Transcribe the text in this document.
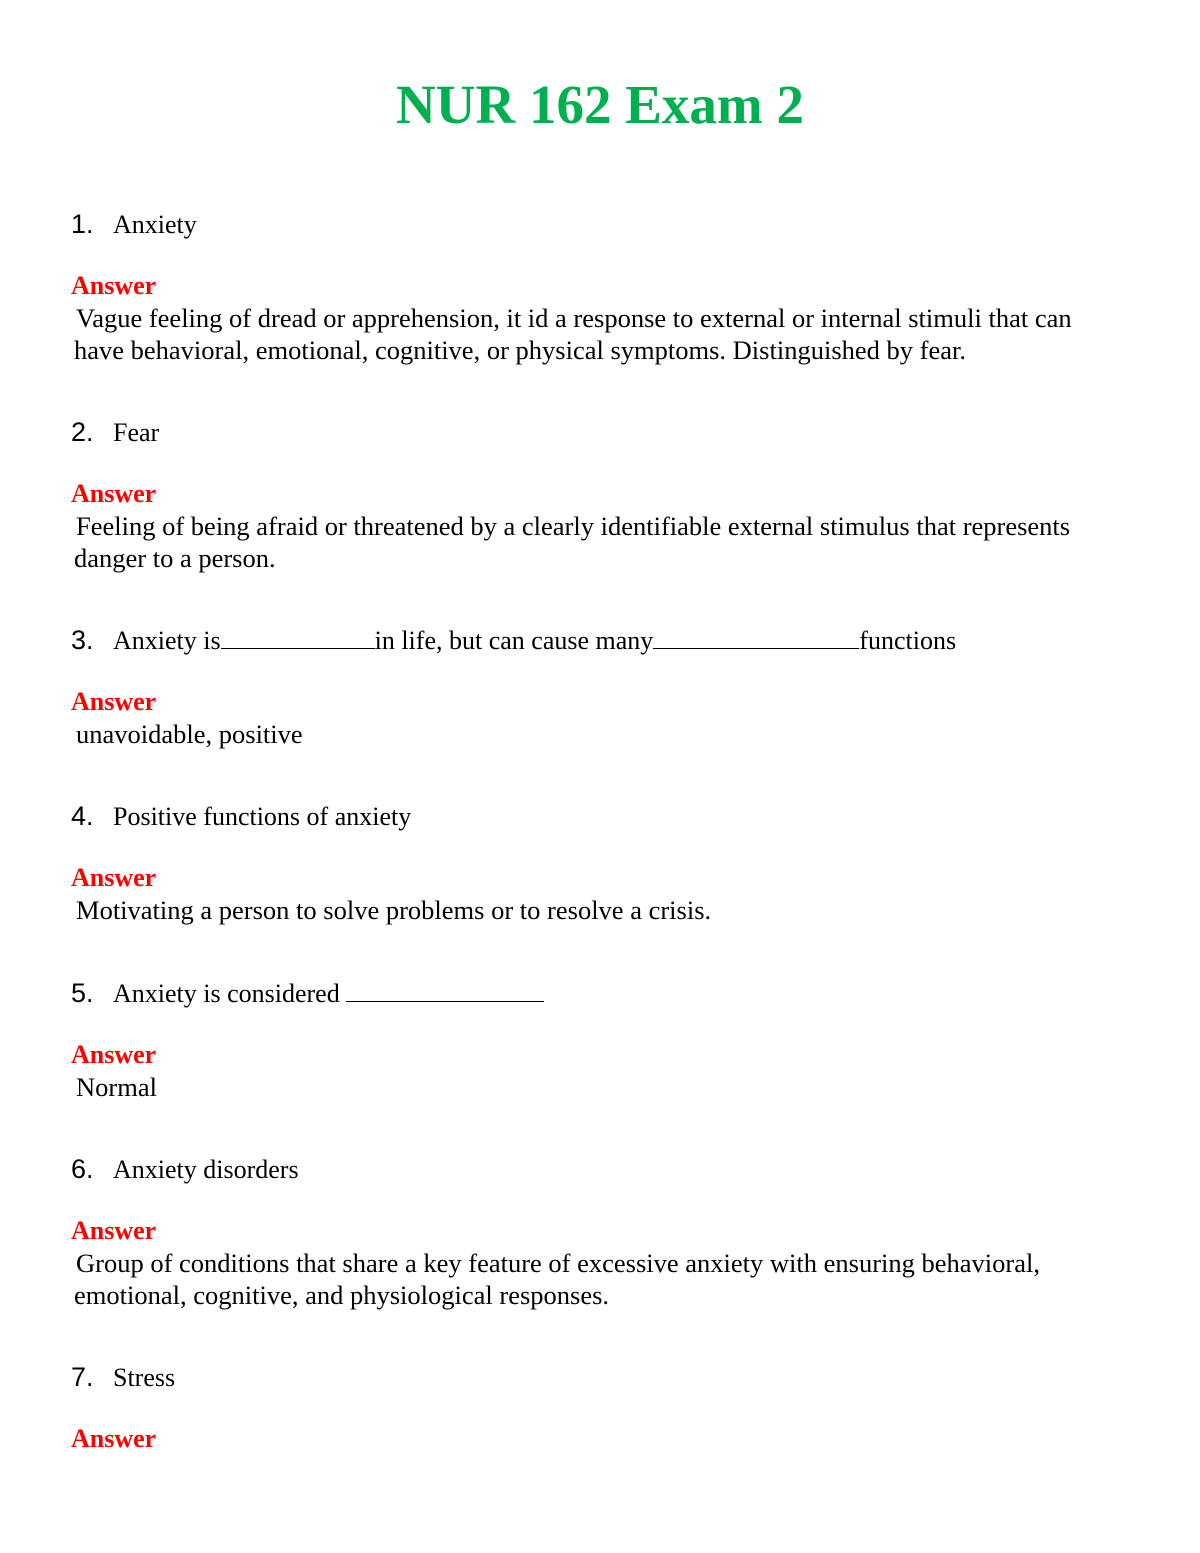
NUR 162 Exam 2
1. Anxiety
Answer
Vague feeling of dread or apprehension, it id a response to external or internal stimuli that can have behavioral, emotional, cognitive, or physical symptoms. Distinguished by fear.
2. Fear
Answer
Feeling of being afraid or threatened by a clearly identifiable external stimulus that represents danger to a person.
3. Anxiety is	in life, but can cause many	functions
Answer
unavoidable, positive
4. Positive functions of anxiety
Answer
Motivating a person to solve problems or to resolve a crisis.
5. Anxiety is considered
Answer
Normal
6. Anxiety disorders
Answer
Group of conditions that share a key feature of excessive anxiety with ensuring behavioral, emotional, cognitive, and physiological responses.
7. Stress
Answer
